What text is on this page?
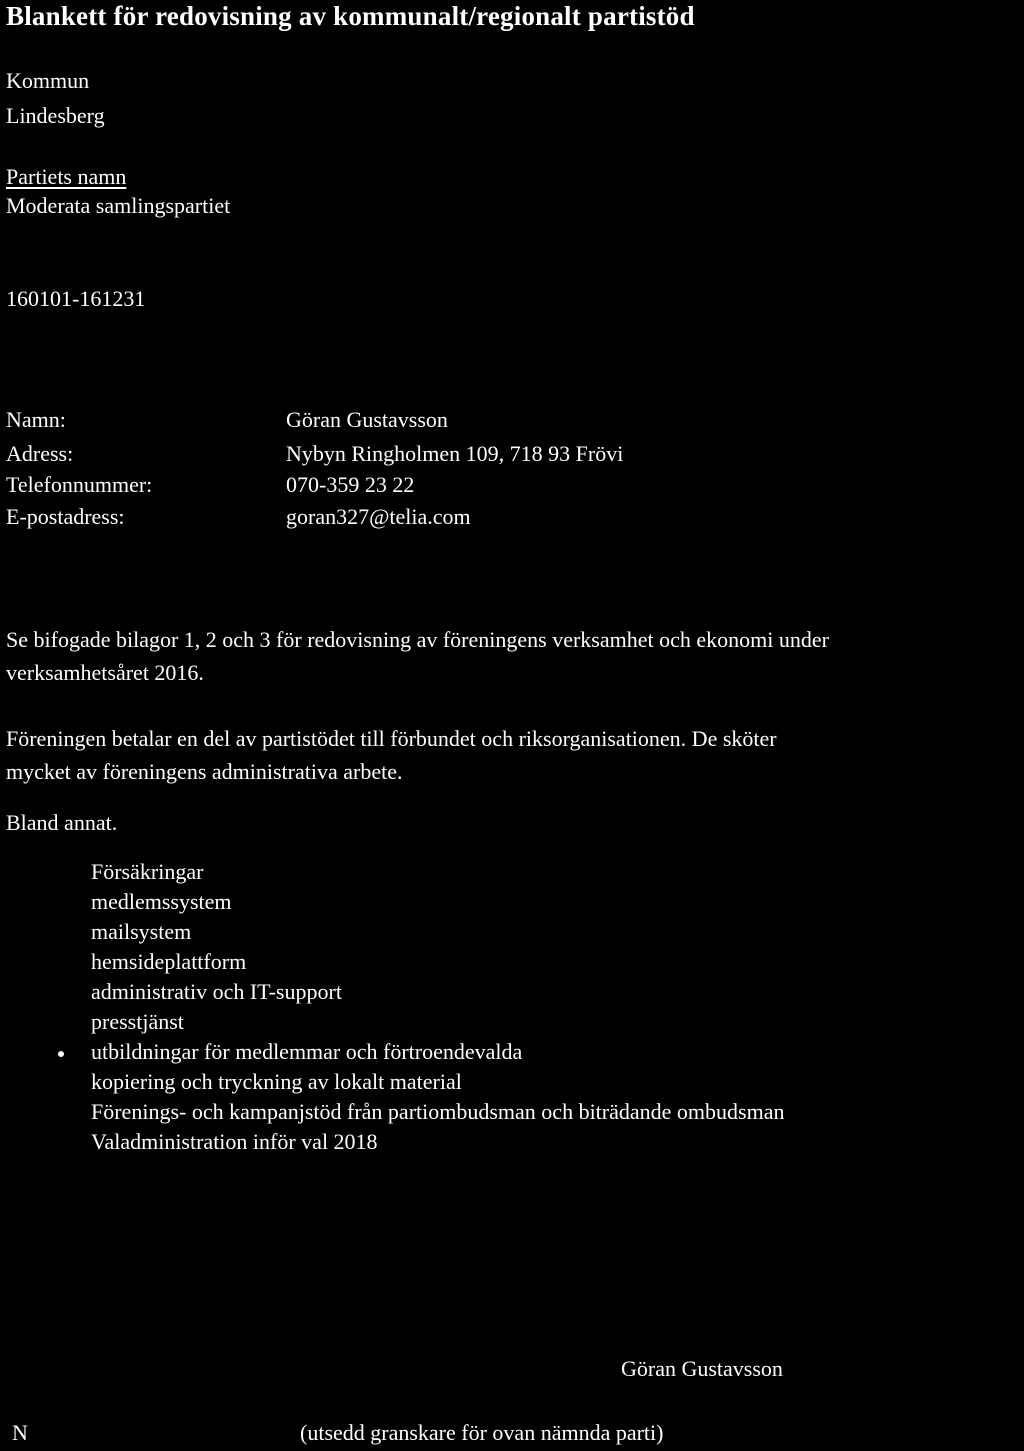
Blankett för redovisning av kommunalt/regionalt partistöd
Kommun
Lindesberg
Partiets namn
Moderata samlingspartiet
160101-161231
Namn:	Göran Gustavsson
Adress:	Nybyn Ringholmen 109, 718 93 Frövi
Telefonnummer:	070-359 23 22
E-postadress:	goran327@telia.com
Se bifogade bilagor 1, 2 och 3 för redovisning av föreningens verksamhet och ekonomi under
verksamhetsåret 2016.
Föreningen betalar en del av partistödet till förbundet och riksorganisationen. De sköter
mycket av föreningens administrativa arbete.
Bland annat.
Försäkringar
medlemssystem
mailsystem
hemsideplattform
administrativ och IT-support
presstjänst
utbildningar för medlemmar och förtroendevalda
kopiering och tryckning av lokalt material
Förenings- och kampanjstöd från partiombudsman och biträdande ombudsman
Valadministration inför val 2018
Göran Gustavsson
N	(utsedd granskare för ovan nämnda parti)
